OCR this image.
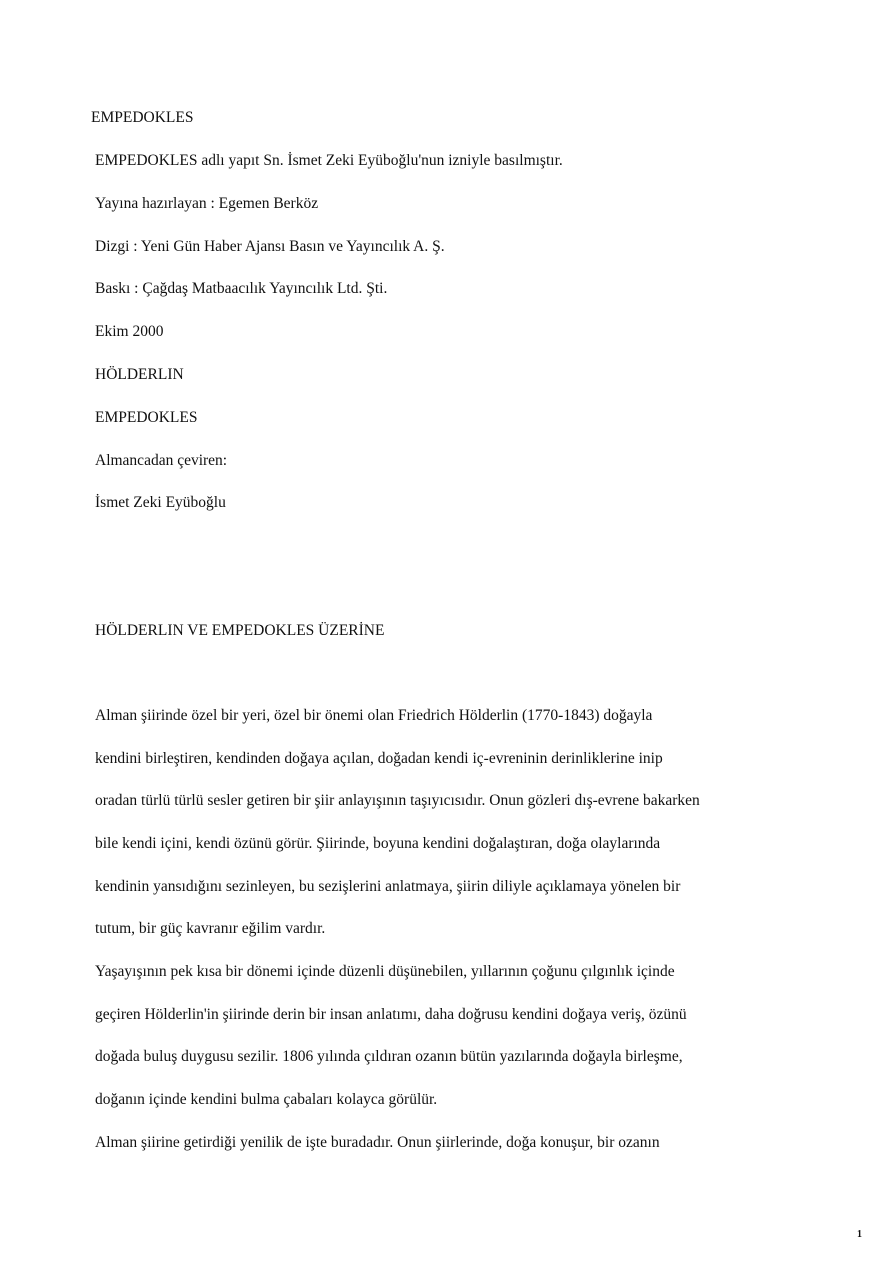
EMPEDOKLES
EMPEDOKLES adlı yapıt Sn. İsmet Zeki Eyüboğlu'nun izniyle basılmıştır.
Yayına hazırlayan : Egemen Berköz
Dizgi : Yeni Gün Haber Ajansı Basın ve Yayıncılık A. Ş.
Baskı : Çağdaş Matbaacılık Yayıncılık Ltd. Şti.
Ekim 2000
HÖLDERLIN
EMPEDOKLES
Almancadan çeviren:
İsmet Zeki Eyüboğlu
HÖLDERLIN VE EMPEDOKLES ÜZERİNE
Alman şiirinde özel bir yeri, özel bir önemi olan Friedrich Hölderlin (1770-1843) doğayla
kendini birleştiren, kendinden doğaya açılan, doğadan kendi iç-evreninin derinliklerine inip
oradan türlü türlü sesler getiren bir şiir anlayışının taşıyıcısıdır. Onun gözleri dış-evrene bakarken
bile kendi içini, kendi özünü görür. Şiirinde, boyuna kendini doğalaştıran, doğa olaylarında
kendinin yansıdığını sezinleyen, bu sezişlerini anlatmaya, şiirin diliyle açıklamaya yönelen bir
tutum, bir güç kavranır eğilim vardır.
Yaşayışının pek kısa bir dönemi içinde düzenli düşünebilen, yıllarının çoğunu çılgınlık içinde
geçiren Hölderlin'in şiirinde derin bir insan anlatımı, daha doğrusu kendini doğaya veriş, özünü
doğada buluş duygusu sezilir. 1806 yılında çıldıran ozanın bütün yazılarında doğayla birleşme,
doğanın içinde kendini bulma çabaları kolayca görülür.
Alman şiirine getirdiği yenilik de işte buradadır. Onun şiirlerinde, doğa konuşur, bir ozanın
1
